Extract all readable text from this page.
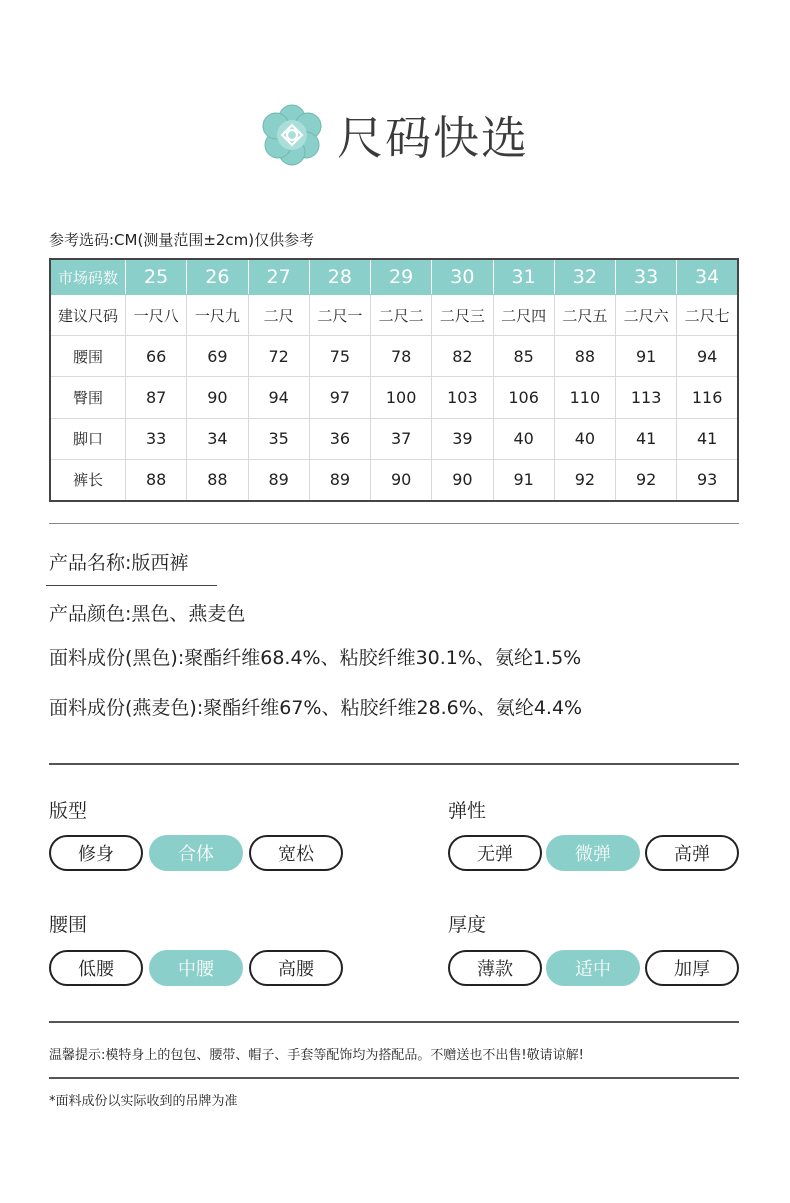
尺码快选
参考选码:CM(测量范围±2cm)仅供参考
市场码数	25	26	27	28	29	30	31	32	33	34
建议尺码	一尺八	一尺九	二尺	二尺一	二尺二	二尺三	二尺四	二尺五	二尺六	二尺七
腰围	66	69	72	75	78	82	85	88	91	94
臀围	87	90	94	97	100	103	106	110	113	116
脚口	33	34	35	36	37	39	40	40	41	41
裤长	88	88	89	89	90	90	91	92	92	93
产品名称:版西裤
产品颜色:黑色、燕麦色
面料成份(黑色):聚酯纤维68.4%、粘胶纤维30.1%、氨纶1.5%
面料成份(燕麦色):聚酯纤维67%、粘胶纤维28.6%、氨纶4.4%
版型
修身	合体	宽松
弹性
无弹	微弹	高弹
腰围
低腰	中腰	高腰
厚度
薄款	适中	加厚
温馨提示:模特身上的包包、腰带、帽子、手套等配饰均为搭配品。不赠送也不出售!敬请谅解!
*面料成份以实际收到的吊牌为准
